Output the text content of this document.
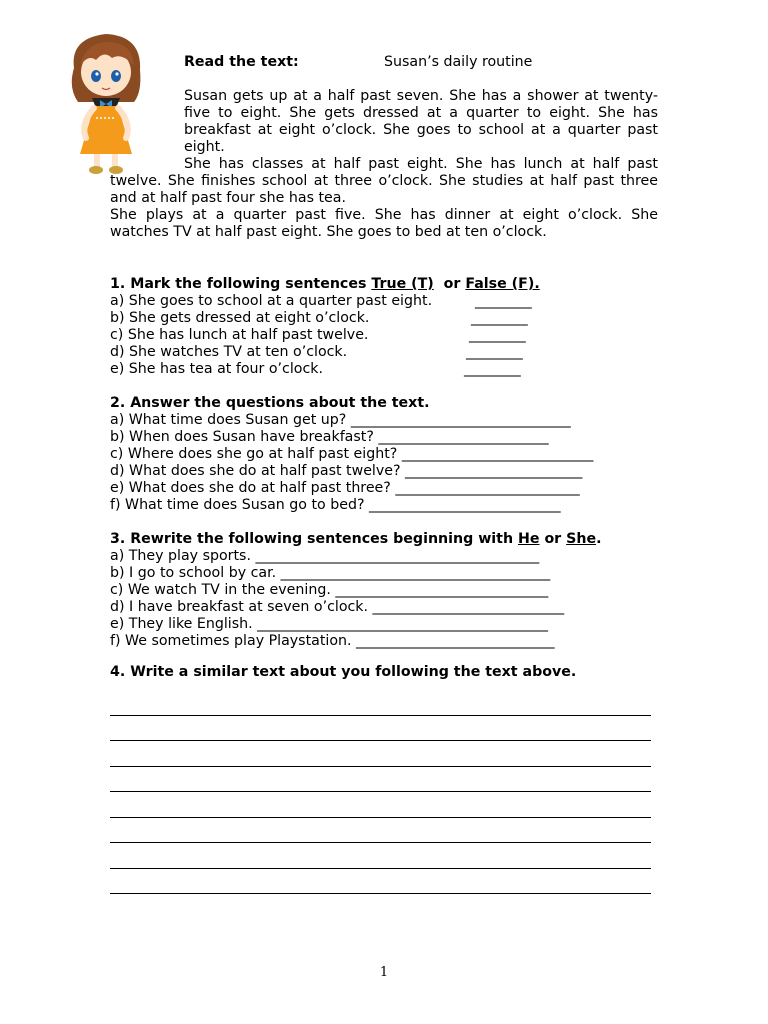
Read the text:	Susan’s daily routine

Susan gets up at a half past seven. She has a shower at twenty-five to eight. She gets dressed at a quarter to eight. She has breakfast at eight o’clock. She goes to school at a quarter past eight.

She has classes at half past eight. She has lunch at half past twelve. She finishes school at three o’clock. She studies at half past three and at half past four she has tea.

She plays at a quarter past five. She has dinner at eight o’clock. She watches TV at half past eight. She goes to bed at ten o’clock.

1. Mark the following sentences True (T)  or False (F).
a) She goes to school at a quarter past eight.
b) She gets dressed at eight o’clock.
c) She has lunch at half past twelve.
d) She watches TV at ten o’clock.
e) She has tea at four o’clock.
________
________
________
________
________
2. Answer the questions about the text.
a) What time does Susan get up? _______________________________
b) When does Susan have breakfast? ________________________
c) Where does she go at half past eight? ___________________________
d) What does she do at half past twelve? _________________________
e) What does she do at half past three? __________________________
f) What time does Susan go to bed? ___________________________
3. Rewrite the following sentences beginning with He or She.
a) They play sports. ________________________________________
b) I go to school by car. ______________________________________
c) We watch TV in the evening. ______________________________
d) I have breakfast at seven o’clock. ___________________________
e) They like English. _________________________________________
f) We sometimes play Playstation. ____________________________
4. Write a similar text about you following the text above.
1
